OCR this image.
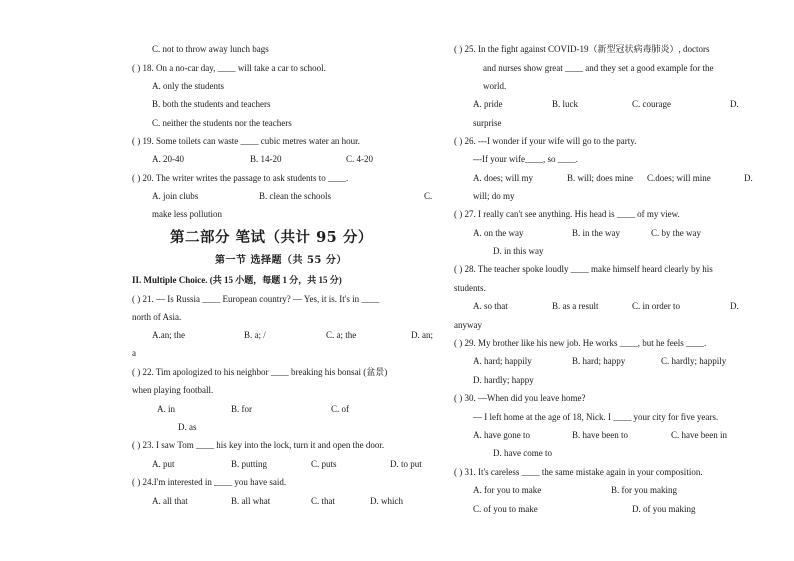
C. not to throw away lunch bags
( ) 18. On a no-car day, ____ will take a car to school.
A. only the students
B. both the students and teachers
C. neither the students nor the teachers
( ) 19. Some toilets can waste ____ cubic metres water an hour.
A. 20-40	B. 14-20	C. 4-20
( ) 20. The writer writes the passage to ask students to ____.
A. join clubs	B. clean the schools	C.
make less pollution
第二部分 笔试（共计 95 分）
第一节 选择题（共 55 分）
II. Multiple Choice. (共 15 小题，每题 1 分，共 15 分)
( ) 21. — Is Russia ____ European country? — Yes, it is. It's in ____
north of Asia.
A.an; the	B. a; /	C. a; the	D. an;
a
( ) 22. Tim apologized to his neighbor ____ breaking his bonsai (盆景)
when playing football.
A. in	B. for	C. of
D. as
( ) 23. I saw Tom ____ his key into the lock, turn it and open the door.
A. put	B. putting	C. puts	D. to put
( ) 24.I'm interested in ____ you have said.
A. all that	B. all what	C. that	D. which
( ) 25. In the fight against COVID-19（新型冠状病毒肺炎）, doctors
and nurses show great ____ and they set a good example for the
world.
A. pride	B. luck	C. courage	D.
surprise
( ) 26. ---I wonder if your wife will go to the party.
---If your wife____, so ____.
A. does; will my	B. will; does mine C.does; will mine	D.
will; do my
( ) 27. I really can't see anything. His head is ____ of my view.
A. on the way	B. in the way	C. by the way
D. in this way
( ) 28. The teacher spoke loudly ____ make himself heard clearly by his
students.
A. so that	B. as a result	C. in order to	D.
anyway
( ) 29. My brother like his new job. He works ____, but he feels ____.
A. hard; happily	B. hard; happy	C. hardly; happily
D. hardly; happy
( ) 30. —When did you leave home?
— I left home at the age of 18, Nick. I ____ your city for five years.
A. have gone to	B. have been to	C. have been in
D. have come to
( ) 31. It's careless ____ the same mistake again in your composition.
A. for you to make	B. for you making
C. of you to make	D. of you making
